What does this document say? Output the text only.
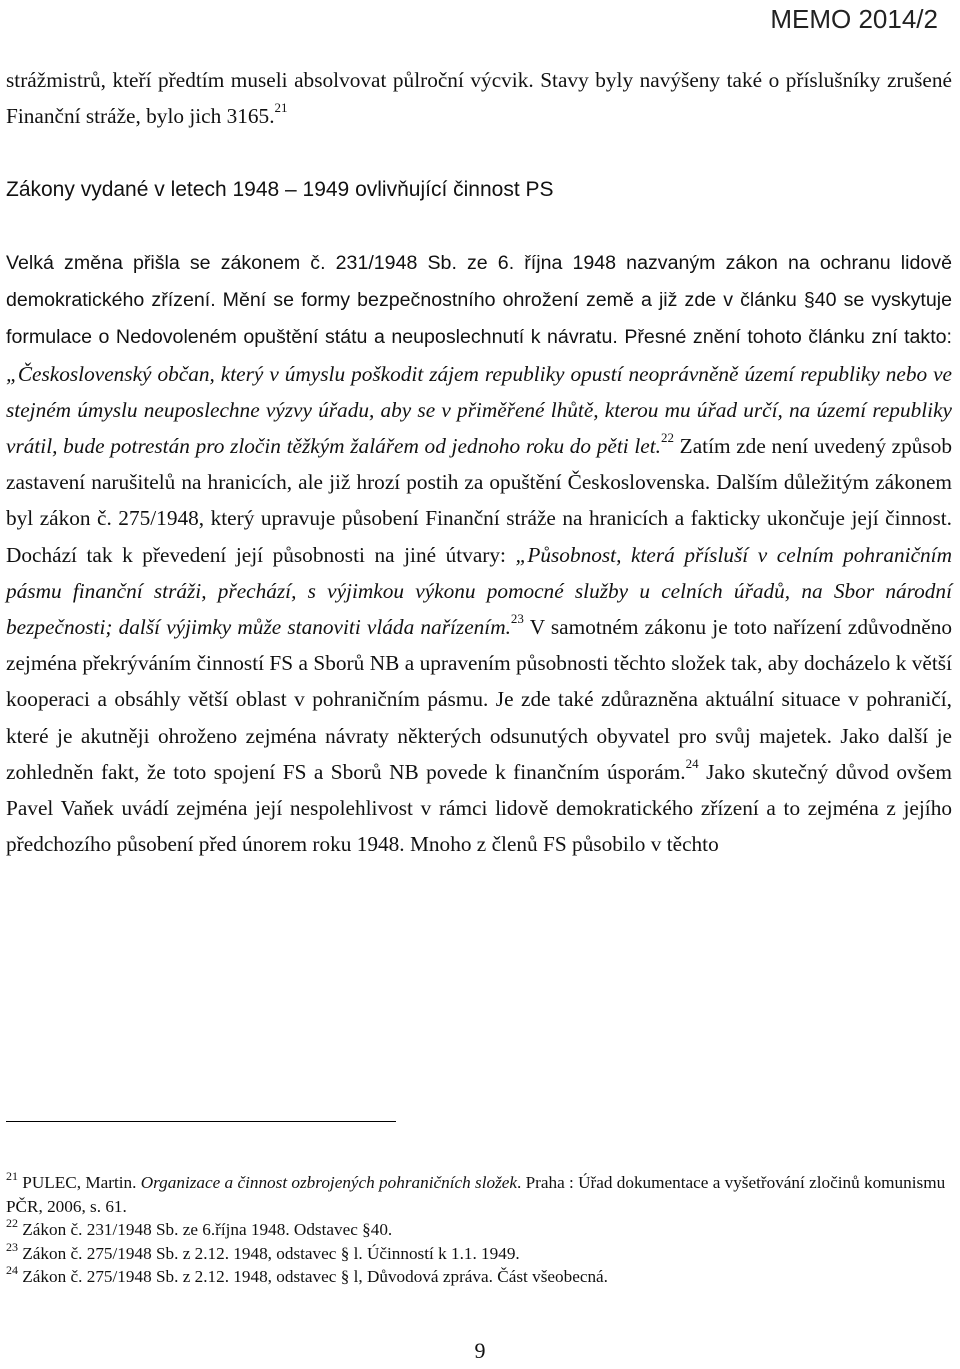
MEMO 2014/2
strážmistrů, kteří předtím museli absolvovat půlroční výcvik. Stavy byly navýšeny také o příslušníky zrušené Finanční stráže, bylo jich 3165.21
Zákony vydané v letech 1948 – 1949 ovlivňující činnost PS
Velká změna přišla se zákonem č. 231/1948 Sb. ze 6. října 1948 nazvaným zákon na ochranu lidově demokratického zřízení. Mění se formy bezpečnostního ohrožení země a již zde v článku §40 se vyskytuje formulace o Nedovoleném opuštění státu a neuposlechnutí k návratu. Přesné znění tohoto článku zní takto: „Československý občan, který v úmyslu poškodit zájem republiky opustí neoprávněně území republiky nebo ve stejném úmyslu neuposlechne výzvy úřadu, aby se v přiměřené lhůtě, kterou mu úřad určí, na území republiky vrátil, bude potrestán pro zločin těžkým žalářem od jednoho roku do pěti let.$^{22}$ Zatím zde není uvedený způsob zastavení narušitelů na hranicích, ale již hrozí postih za opuštění Československa. Dalším důležitým zákonem byl zákon č. 275/1948, který upravuje působení Finanční stráže na hranicích a fakticky ukončuje její činnost. Dochází tak k převedení její působnosti na jiné útvary: „Působnost, která přísluší v celním pohraničním pásmu finanční stráži, přechází, s výjimkou výkonu pomocné služby u celních úřadů, na Sbor národní bezpečnosti; další výjimky může stanoviti vláda nařízením.$^{23}$ V samotném zákonu je toto nařízení zdůvodněno zejména překrýváním činností FS a Sborů NB a upravením působnosti těchto složek tak, aby docházelo k větší kooperaci a obsáhly větší oblast v pohraničním pásmu. Je zde také zdůrazněna aktuální situace v pohraničí, které je akutněji ohroženo zejména návraty některých odsunutých obyvatel pro svůj majetek. Jako další je zohledněn fakt, že toto spojení FS a Sborů NB povede k finančním úsporám.$^{24}$ Jako skutečný důvod ovšem Pavel Vaňek uvádí zejména její nespolehlivost v rámci lidově demokratického zřízení a to zejména z jejího předchozího působení před únorem roku 1948. Mnoho z členů FS působilo v těchto
$^{21}$ PULEC, Martin. Organizace a činnost ozbrojených pohraničních složek. Praha : Úřad dokumentace a vyšetřování zločinů komunismu PČR, 2006, s. 61.
$^{22}$ Zákon č. 231/1948 Sb. ze 6.října 1948. Odstavec §40.
$^{23}$ Zákon č. 275/1948 Sb. z 2.12. 1948, odstavec § l. Účinností k 1.1. 1949.
$^{24}$ Zákon č. 275/1948 Sb. z 2.12. 1948, odstavec § l, Důvodová zpráva. Část všeobecná.
9
